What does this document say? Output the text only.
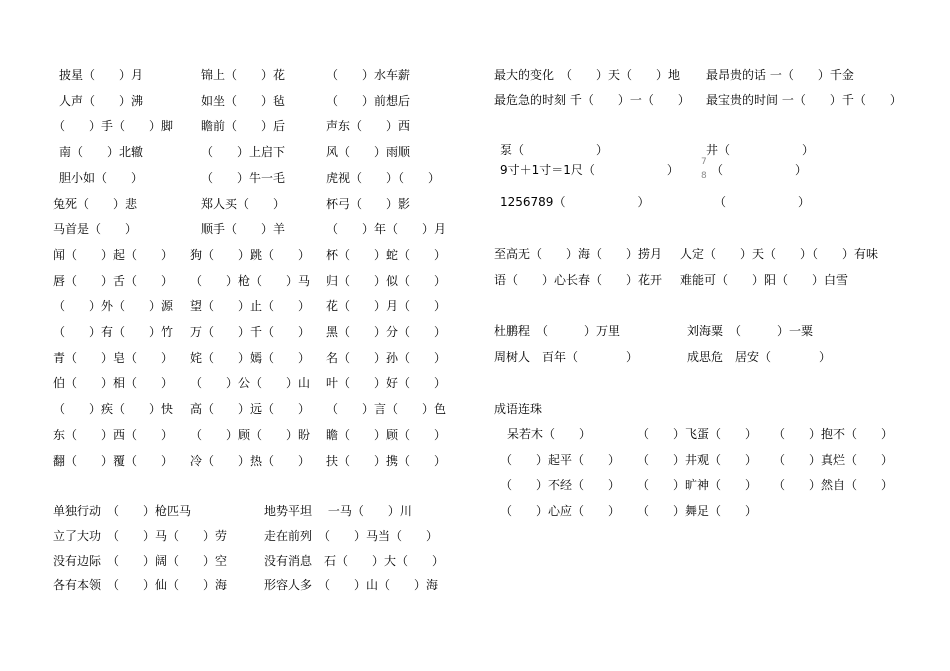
披星（　　）月	锦上（　　）花	（　　）水车薪
人声（　　）沸	如坐（　　）毡	（　　）前想后
（　　）手（　　）脚 瞻前（　　）后	声东（　　）西
南（　　）北辙	（　　）上启下	风（　　）雨顺
胆小如（　　）	（　　）牛一毛	虎视（　　）（　　）
兔死（　　）悲	郑人买（　　）	杯弓（　　）影
马首是（　　）	顺手（　　）羊	（　　）年（　　）月
闻（　　）起（　　） 狗（　　）跳（　　） 杯（　　）蛇（　　）
唇（　　）舌（　　） （　　）枪（　　）马 归（　　）似（　　）
（　　）外（　　）源 望（　　）止（　　） 花（　　）月（　　）
（　　）有（　　）竹 万（　　）千（　　） 黑（　　）分（　　）
青（　　）皂（　　） 姹（　　）嫣（　　） 名（　　）孙（　　）
伯（　　）相（　　） （　　）公（　　）山 叶（　　）好（　　）
（　　）疾（　　）快 高（　　）远（　　） （　　）言（　　）色
东（　　）西（　　） （　　）顾（　　）盼 瞻（　　）顾（　　）
翻（　　）覆（　　） 冷（　　）热（　　） 扶（　　）携（　　）
单独行动　（　　）枪匹马	地势平坦　 一马（　　）川
立了大功　（　　）马（　　）劳	走在前列　（　　）马当（　　）
没有边际　（　　）阔（　　）空	没有消息　石（　　）大（　　）
各有本领　（　　）仙（　　）海	形容人多　（　　）山（　　）海
最大的变化　（　　）天（　　）地 最昂贵的话 一（　　）千金
最危急的时刻 千（　　）一（　　） 最宝贵的时间 一（　　）千（　　）
泵（　　　　　　）	井（　　　　　　）
9寸＋1寸＝1尺（　　　　　　）
7
8 （　　　　　　）
1256789（　　　　　　）	（　　　　　　）
至高无（　　）海（　　）捞月 人定（　　）天（　　）（　　）有味
语（　　）心长春（　　）花开 难能可（　　）阳（　　）白雪
杜鹏程　（　　　）万里	刘海粟　（　　　）一粟
周树人　百年（　　　　）	成思危　居安（　　　　）
成语连珠
呆若木（　　）	（　　）飞蛋（　　） （　　）抱不（　　）
（　　）起平（　　） （　　）井观（　　） （　　）真烂（　　）
（　　）不经（　　） （　　）旷神（　　） （　　）然自（　　）
（　　）心应（　　） （　　）舞足（　　）
